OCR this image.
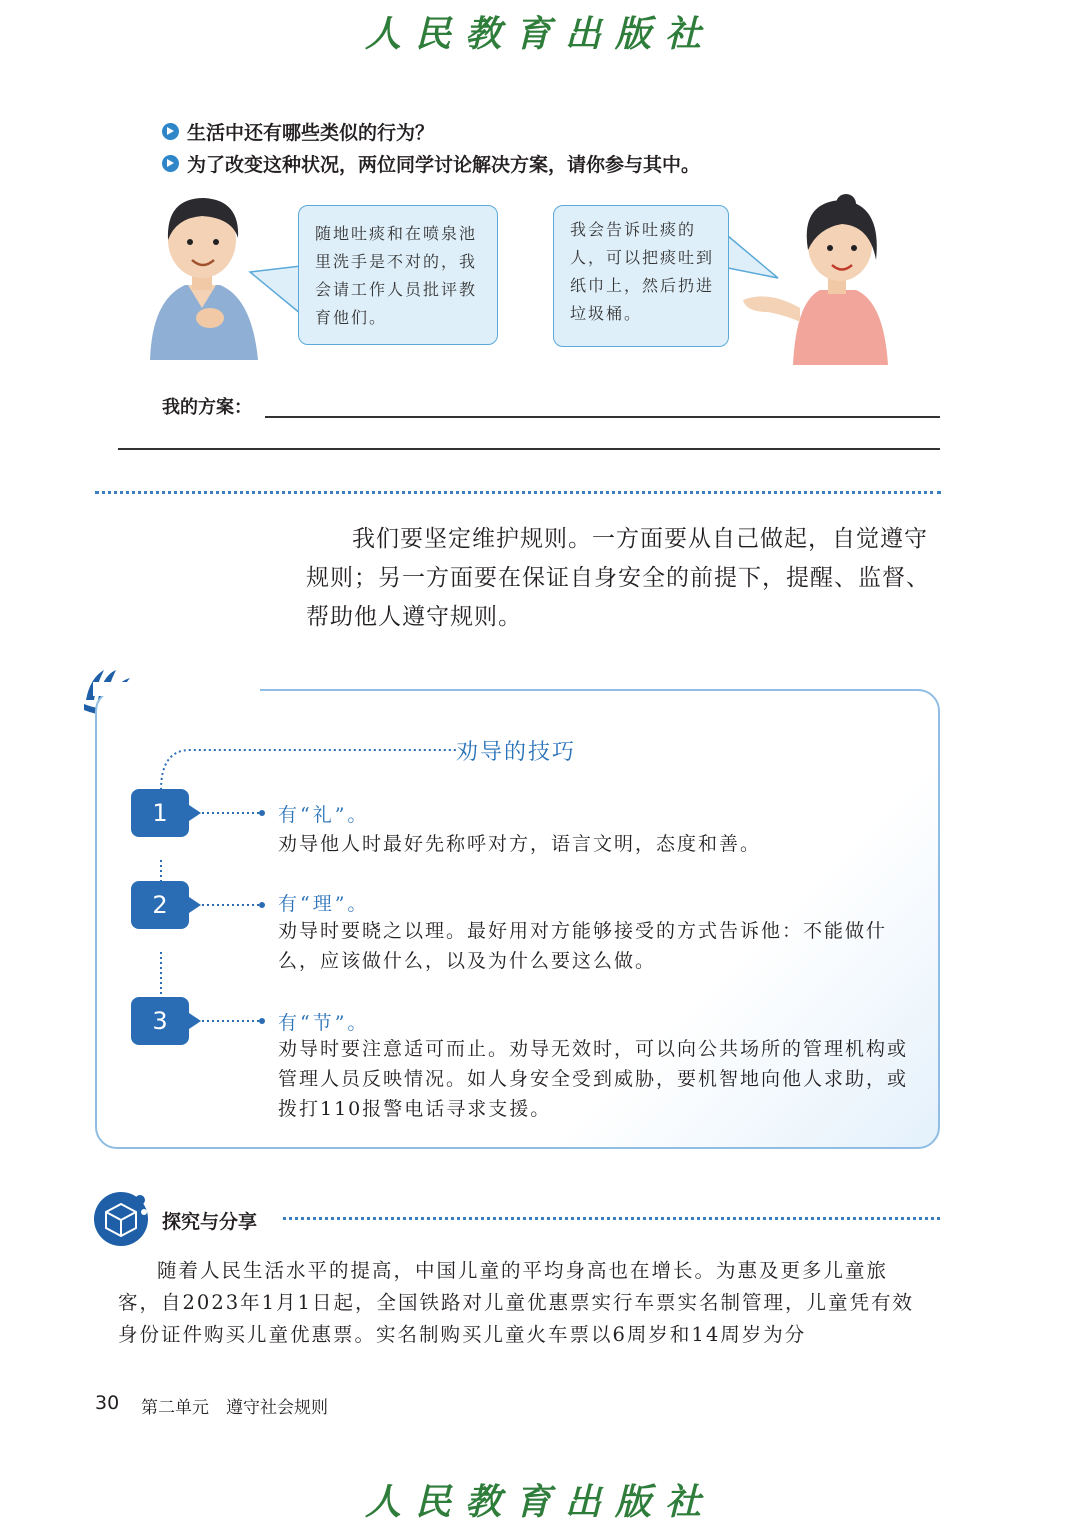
人民教育出版社
生活中还有哪些类似的行为？
为了改变这种状况，两位同学讨论解决方案，请你参与其中。
随地吐痰和在喷泉池里洗手是不对的，我会请工作人员批评教育他们。
我会告诉吐痰的人，可以把痰吐到纸巾上，然后扔进垃圾桶。
我的方案：
我们要坚定维护规则。一方面要从自己做起，自觉遵守规则；另一方面要在保证自身安全的前提下，提醒、监督、帮助他人遵守规则。
劝导的技巧
1	有“礼”。
劝导他人时最好先称呼对方，语言文明，态度和善。
2	有“理”。
劝导时要晓之以理。最好用对方能够接受的方式告诉他：不能做什么，应该做什么，以及为什么要这么做。
3	有“节”。
劝导时要注意适可而止。劝导无效时，可以向公共场所的管理机构或管理人员反映情况。如人身安全受到威胁，要机智地向他人求助，或拨打110报警电话寻求支援。
探究与分享
随着人民生活水平的提高，中国儿童的平均身高也在增长。为惠及更多儿童旅客，自2023年1月1日起，全国铁路对儿童优惠票实行车票实名制管理，儿童凭有效身份证件购买儿童优惠票。实名制购买儿童火车票以6周岁和14周岁为分
30 第二单元　遵守社会规则
人民教育出版社
